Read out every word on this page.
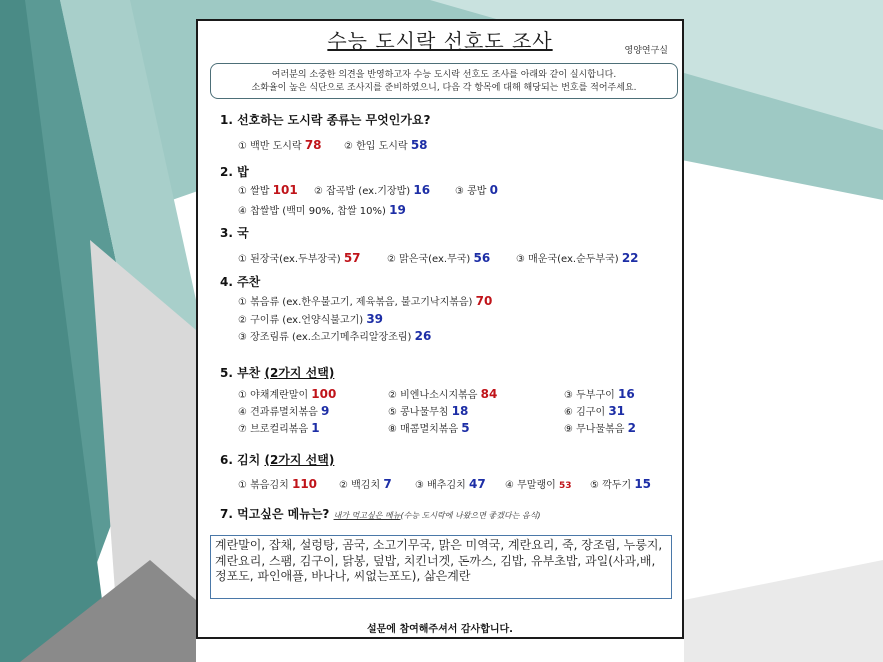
수능 도시락 선호도 조사	영양연구실
여러분의 소중한 의견을 반영하고자 수능 도시락 선호도 조사를 아래와 같이 실시합니다.
소화율이 높은 식단으로 조사지를 준비하였으니, 다음 각 항목에 대해 해당되는 번호를 적어주세요.
1. 선호하는 도시락 종류는 무엇인가요?
① 백반 도시락 78 ② 한입 도시락 58
2. 밥
① 쌀밥 101 ② 잡곡밥 (ex.기장밥) 16 ③ 콩밥 0
④ 찹쌀밥 (백미 90%, 찹쌀 10%) 19
3. 국
① 된장국(ex.두부장국) 57	② 맑은국(ex.무국) 56	③ 매운국(ex.순두부국) 22
4. 주찬
① 볶음류 (ex.한우불고기, 제육볶음, 불고기낙지볶음) 70
② 구이류 (ex.언양식불고기) 39
③ 장조림류 (ex.소고기메추리알장조림) 26
5. 부찬 (2가지 선택)
① 야채계란말이 100	② 비엔나소시지볶음 84	③ 두부구이 16
④ 견과류멸치볶음 9	⑤ 콩나물무침 18	⑥ 김구이 31
⑦ 브로컬리볶음 1	⑧ 매콤멸치볶음 5	⑨ 무나물볶음 2
6. 김치 (2가지 선택)
① 볶음김치 110 ② 백김치 7 ③ 배추김치 47 ④ 무말랭이 53 ⑤ 깍두기 15
7. 먹고싶은 메뉴는? 내가 먹고싶은 메뉴(수능 도시락에 나왔으면 좋겠다는 음식)
계란말이, 잡채, 설렁탕, 곰국, 소고기무국, 맑은 미역국, 계란요리, 죽, 장조림, 누룽지, 계란요리, 스팸, 김구이, 닭봉, 덮밥, 치킨너겟, 돈까스, 김밥, 유부초밥, 과일(사과,배, 정포도, 파인애플, 바나나, 씨없는포도), 삶은계란
설문에 참여해주셔서 감사합니다.
